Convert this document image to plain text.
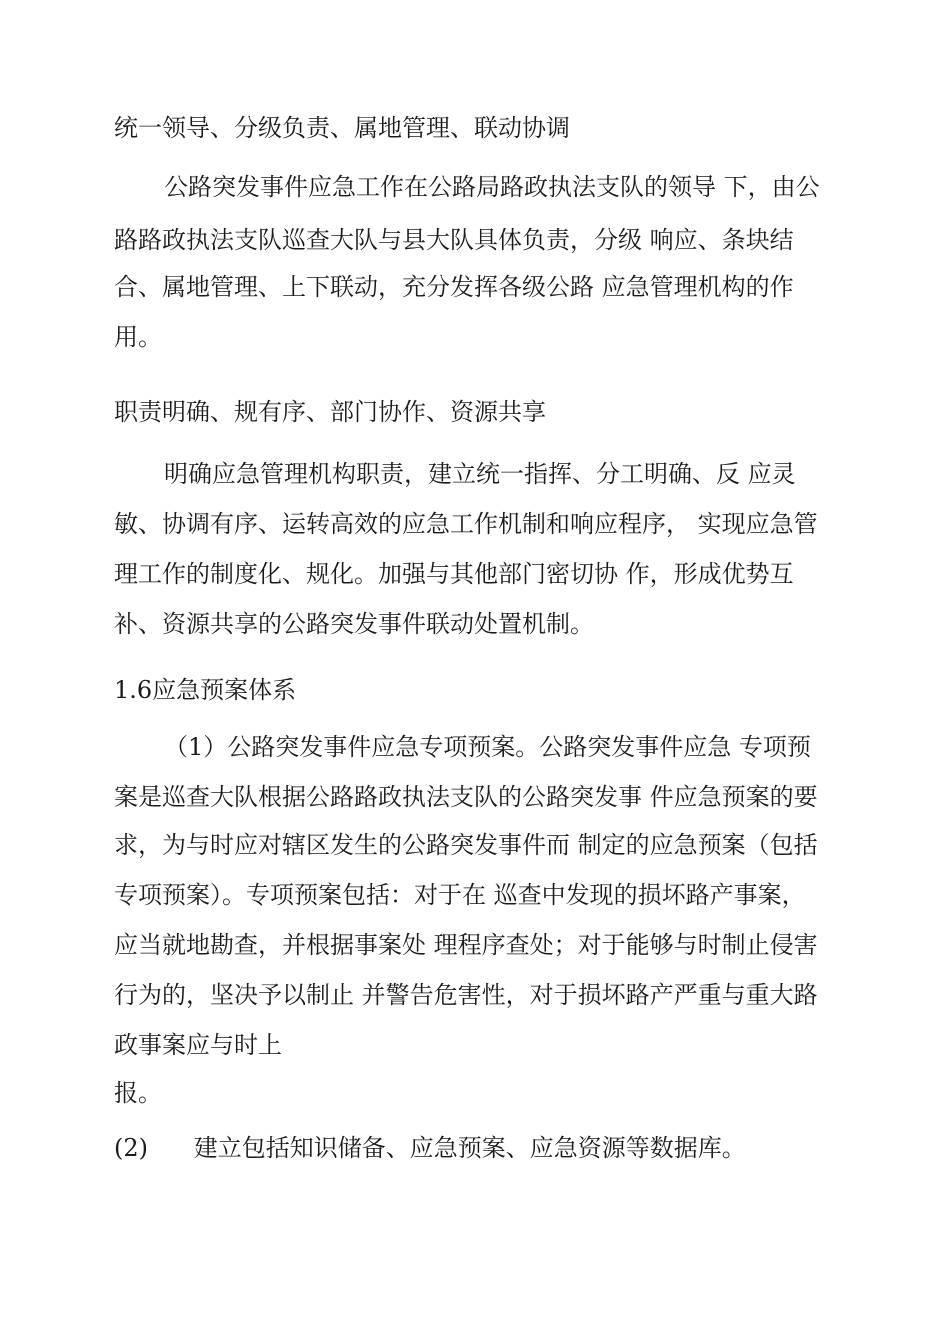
统一领导、分级负责、属地管理、联动协调
公路突发事件应急工作在公路局路政执法支队的领导 下，由公
路路政执法支队巡查大队与县大队具体负责，分级 响应、条块结
合、属地管理、上下联动，充分发挥各级公路 应急管理机构的作
用。
职责明确、规有序、部门协作、资源共享
明确应急管理机构职责，建立统一指挥、分工明确、反 应灵
敏、协调有序、运转高效的应急工作机制和响应程序， 实现应急管
理工作的制度化、规化。加强与其他部门密切协 作，形成优势互
补、资源共享的公路突发事件联动处置机制。
1.6应急预案体系
（1）公路突发事件应急专项预案。公路突发事件应急 专项预
案是巡查大队根据公路路政执法支队的公路突发事 件应急预案的要
求，为与时应对辖区发生的公路突发事件而 制定的应急预案（包括
专项预案）。专项预案包括：对于在 巡查中发现的损坏路产事案，
应当就地勘查，并根据事案处 理程序查处；对于能够与时制止侵害
行为的，坚决予以制止 并警告危害性，对于损坏路产严重与重大路
政事案应与时上
报。
(2)      建立包括知识储备、应急预案、应急资源等数据库。
